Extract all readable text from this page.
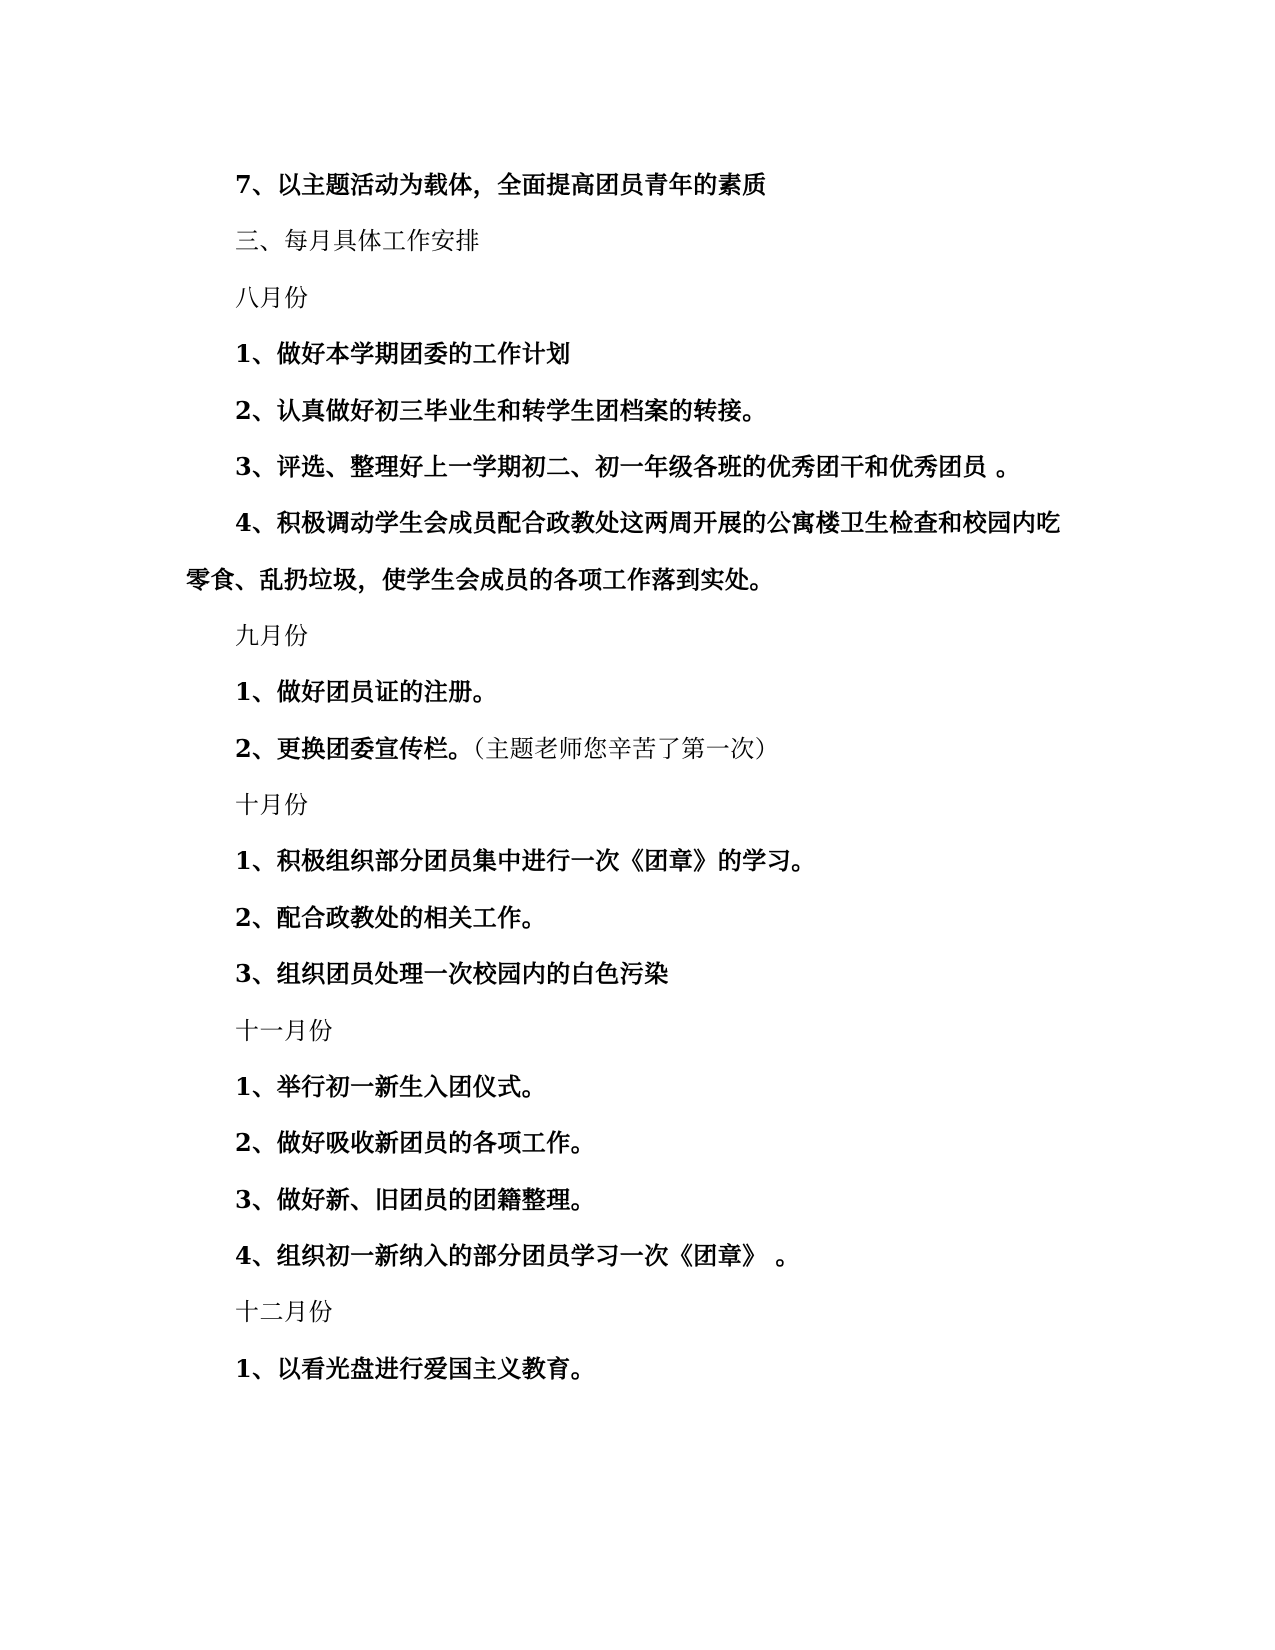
7、以主题活动为载体，全面提高团员青年的素质
三、每月具体工作安排
八月份
1、做好本学期团委的工作计划
2、认真做好初三毕业生和转学生团档案的转接。
3、评选、整理好上一学期初二、初一年级各班的优秀团干和优秀团员 。
4、积极调动学生会成员配合政教处这两周开展的公寓楼卫生检查和校园内吃
零食、乱扔垃圾，使学生会成员的各项工作落到实处。
九月份
1、做好团员证的注册。
2、更换团委宣传栏。（主题老师您辛苦了第一次）
十月份
1、积极组织部分团员集中进行一次《团章》的学习。
2、配合政教处的相关工作。
3、组织团员处理一次校园内的白色污染
十一月份
1、举行初一新生入团仪式。
2、做好吸收新团员的各项工作。
3、做好新、旧团员的团籍整理。
4、组织初一新纳入的部分团员学习一次《团章》 。
十二月份
1、以看光盘进行爱国主义教育。
